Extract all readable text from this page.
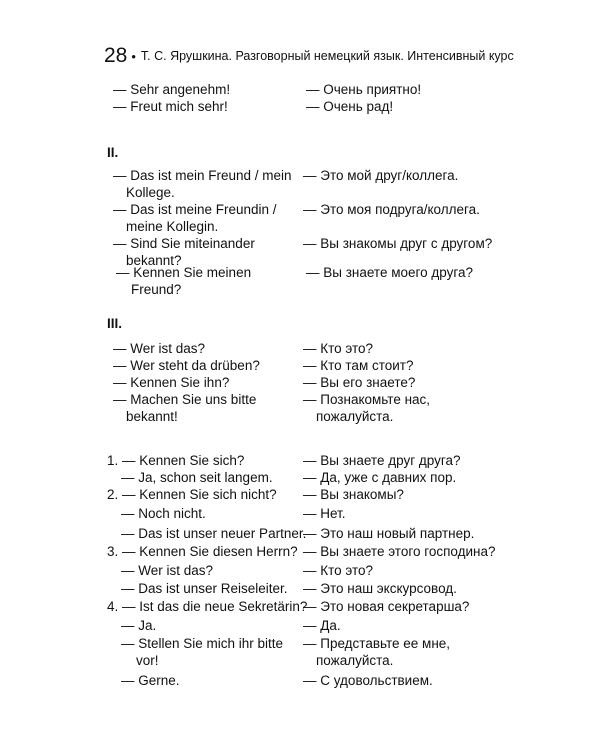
28 • Т. С. Ярушкина. Разговорный немецкий язык. Интенсивный курс
— Sehr angenehm!
— Freut mich sehr!
— Очень приятно!
— Очень рад!
II.
— Das ist mein Freund / mein
Kollege.
— Das ist meine Freundin /
meine Kollegin.
— Sind Sie miteinander
bekannt?
— Kennen Sie meinen
Freund?
— Это мой друг/коллега.
— Это моя подруга/коллега.
— Вы знакомы друг с другом?
— Вы знаете моего друга?
III.
— Wer ist das?
— Wer steht da drüben?
— Kennen Sie ihn?
— Machen Sie uns bitte
bekannt!
— Кто это?
— Кто там стоит?
— Вы его знаете?
— Познакомьте нас,
пожалуйста.
1. — Kennen Sie sich?
— Ja, schon seit langem.
2. — Kennen Sie sich nicht?
— Noch nicht.
— Das ist unser neuer Partner.
3. — Kennen Sie diesen Herrn?
— Wer ist das?
— Das ist unser Reiseleiter.
4. — Ist das die neue Sekretärin?
— Ja.
— Stellen Sie mich ihr bitte
vor!
— Gerne.
— Вы знаете друг друга?
— Да, уже с давних пор.
— Вы знакомы?
— Нет.
— Это наш новый партнер.
— Вы знаете этого господина?
— Кто это?
— Это наш экскурсовод.
— Это новая секретарша?
— Да.
— Представьте ее мне,
пожалуйста.
— С удовольствием.
